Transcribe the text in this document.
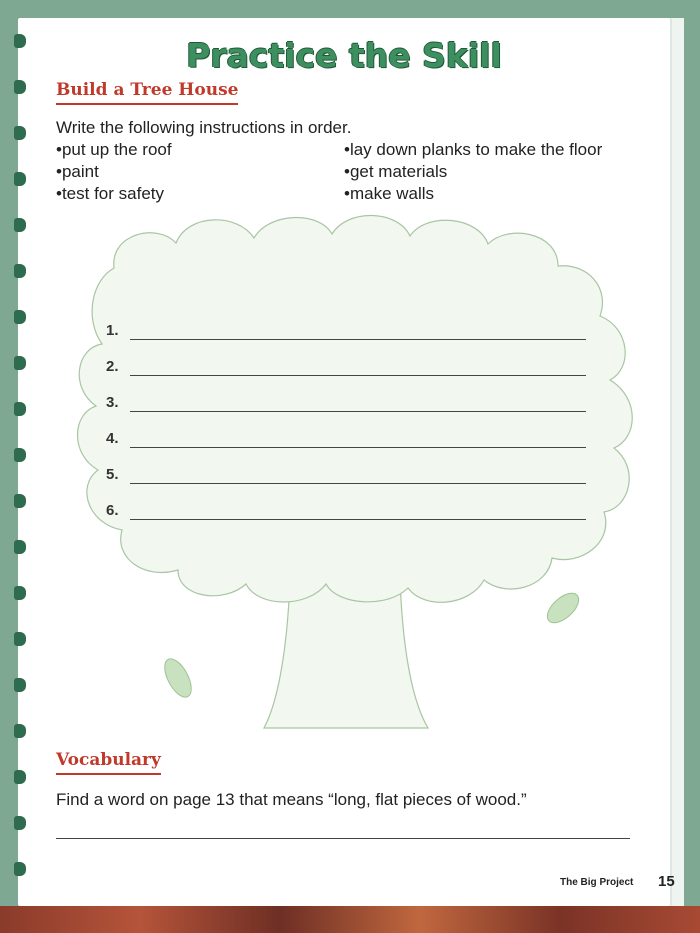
Practice the Skill
Build a Tree House
Write the following instructions in order.
• put up the roof
• paint
• test for safety
• lay down planks to make the floor
• get materials
• make walls
1.
2.
3.
4.
5.
6.
Vocabulary
Find a word on page 13 that means “long, flat pieces of wood.”
The Big Project 15
